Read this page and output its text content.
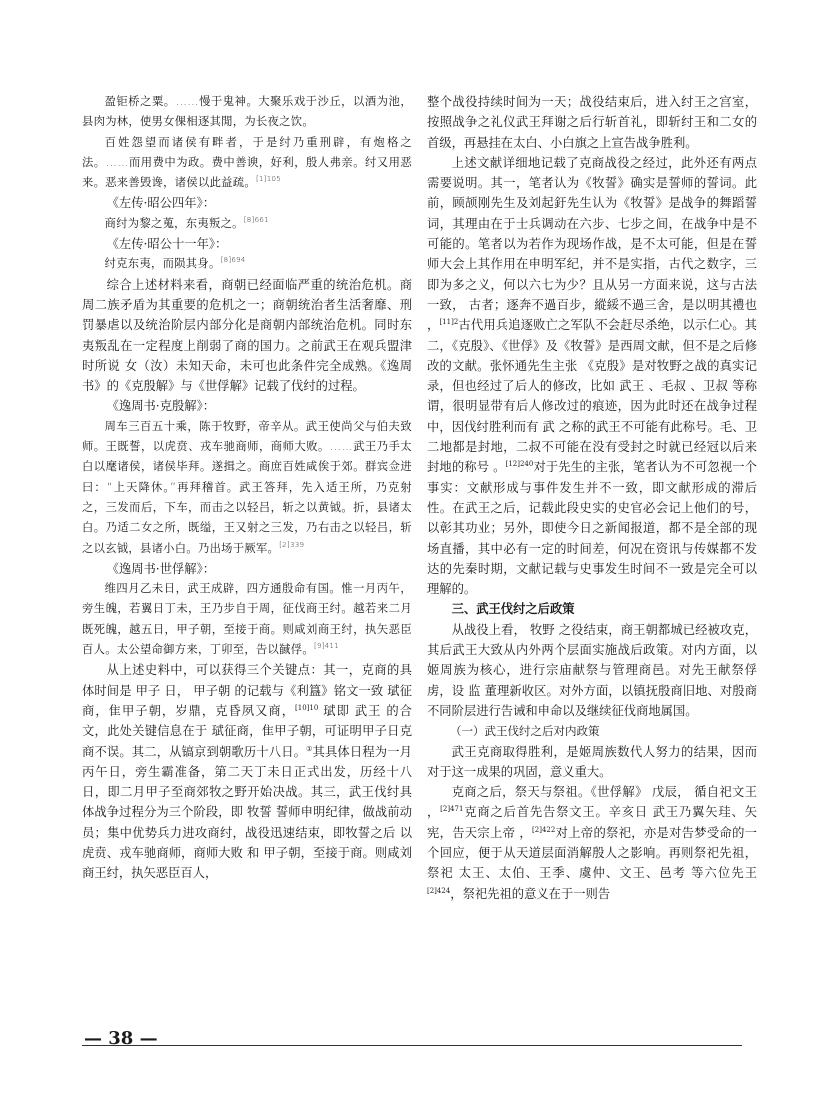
盈钜桥之粟。……慢于鬼神。大聚乐戏于沙丘，以酒为池，县肉为林，使男女倮相逐其閒，为长夜之饮。

百姓怨望而诸侯有畔者，于是纣乃重刑辟，有炮格之法。……而用费中为政。费中善谀，好利，殷人弗亲。纣又用恶来。恶来善毁谗，诸侯以此益疏。$^{[1]105}$

《左传·昭公四年》：

商纣为黎之蒐，东夷叛之。$^{[8]661}$

《左传·昭公十一年》：

纣克东夷，而陨其身。$^{[8]694}$

综合上述材料来看，商朝已经面临严重的统治危机。商周二族矛盾为其重要的危机之一；商朝统治者生活奢靡、刑罚暴虐以及统治阶层内部分化是商朝内部统治危机。同时东夷叛乱在一定程度上削弱了商的国力。之前武王在观兵盟津时所说 女（汝）未知天命，未可也此条件完全成熟。《逸周书》的《克殷解》与《世俘解》记载了伐纣的过程。

《逸周书·克殷解》：

周车三百五十乘，陈于牧野，帝辛从。武王使尚父与伯夫致师。王既誓，以虎贲、戎车驰商师，商师大败。……武王乃手太白以麾诸侯，诸侯毕拜。遂揖之。商庶百姓咸俟于郊。群宾佥进曰：“上天降休。”再拜稽首。武王答拜，先入适王所，乃克射之，三发而后，下车，而击之以轻吕，斩之以黄钺。折，县诸太白。乃适二女之所，既缢，王又射之三发，乃右击之以轻吕，斩之以玄钺，县诸小白。乃出场于厥军。$^{[2]339}$

《逸周书·世俘解》：

维四月乙未日，武王成辟，四方通殷命有国。惟一月丙午，旁生魄，若翼日丁未，王乃步自于周，征伐商王纣。越若来二月既死魄，越五日，甲子朝，至接于商。则咸刘商王纣，执矢恶臣百人。太公望命御方来，丁卯至，告以馘俘。$^{[9]411}$

从上述史料中，可以获得三个关键点：其一，克商的具体时间是 甲子 日， 甲子朝 的记载与《利簋》铭文一致 珷征商，隹甲子朝，岁鼎，克昏夙又商，$^{[10]10}$ 珷即 武王 的合文，此处关键信息在于 珷征商，隹甲子朝，可证明甲子日克商不误。其二，从镐京到朝歌历十八日。①其具体日程为一月丙午日，旁生霸准备，第二天丁未日正式出发，历经十八日，即二月甲子至商郊牧之野开始决战。其三，武王伐纣具体战争过程分为三个阶段，即 牧誓 誓师申明纪律，做战前动员；集中优势兵力进攻商纣，战役迅速结束，即牧誓之后 以虎贲、戎车驰商师，商师大败 和 甲子朝，至接于商。则咸刘商王纣，执矢恶臣百人，

整个战役持续时间为一天；战役结束后，进入纣王之宫室，按照战争之礼仪武王拜谢之后行斩首礼，即斩纣王和二女的首级，再悬挂在太白、小白旗之上宣告战争胜利。

上述文献详细地记载了克商战役之经过，此外还有两点需要说明。其一，笔者认为《牧誓》确实是誓师的誓词。此前，顾颉刚先生及刘起釪先生认为《牧誓》是战争的舞蹈誓词，其理由在于士兵调动在六步、七步之间，在战争中是不可能的。笔者以为若作为现场作战，是不太可能，但是在誓师大会上其作用在申明军纪，并不是实指，古代之数字，三即为多之义，何以六七为少？且从另一方面来说，这与古法一致， 古者；逐奔不過百步，縱綏不過三舍，是以明其禮也 ，$^{[11]2}$古代用兵追逐败亡之军队不会赶尽杀绝，以示仁心。其二，《克殷》、《世俘》及《牧誓》是西周文献，但不是之后修改的文献。张怀通先生主张 《克殷》是对牧野之战的真实记录，但也经过了后人的修改，比如 武王 、毛叔 、卫叔 等称谓，很明显带有后人修改过的痕迹，因为此时还在战争过程中，因伐纣胜利而有 武 之称的武王不可能有此称号。毛、卫二地都是封地，二叔不可能在没有受封之时就已经冠以后来封地的称号 。$^{[12]240}$对于先生的主张，笔者认为不可忽视一个事实：文献形成与事件发生并不一致，即文献形成的滞后性。在武王之后，记载此段史实的史官必会记上他们的号，以彰其功业；另外，即使今日之新闻报道，都不是全部的现场直播，其中必有一定的时间差，何况在资讯与传媒都不发达的先秦时期，文献记载与史事发生时间不一致是完全可以理解的。

三、武王伐纣之后政策

从战役上看， 牧野 之役结束，商王朝都城已经被攻克，其后武王大致从内外两个层面实施战后政策。对内方面，以姬周族为核心，进行宗庙献祭与管理商邑。对先王献祭俘虏，设 监 董理新收区。对外方面，以镇抚殷商旧地、对殷商不同阶层进行告诫和申命以及继续征伐商地属国。

（一）武王伐纣之后对内政策

武王克商取得胜利，是姬周族数代人努力的结果，因而对于这一成果的巩固，意义重大。

克商之后，祭天与祭祖。《世俘解》 戊辰， 循自祀文王 ，$^{[2]471}$克商之后首先告祭文王。辛亥日 武王乃翼矢珪、矢宪，告天宗上帝 ，$^{[2]422}$对上帝的祭祀，亦是对告梦受命的一个回应，便于从天道层面消解殷人之影响。再则祭祀先祖，祭祀 太王、太伯、王季、虞仲、文王、邑考 等六位先王$^{[2]424}$，祭祀先祖的意义在于一则告

— 38 —
